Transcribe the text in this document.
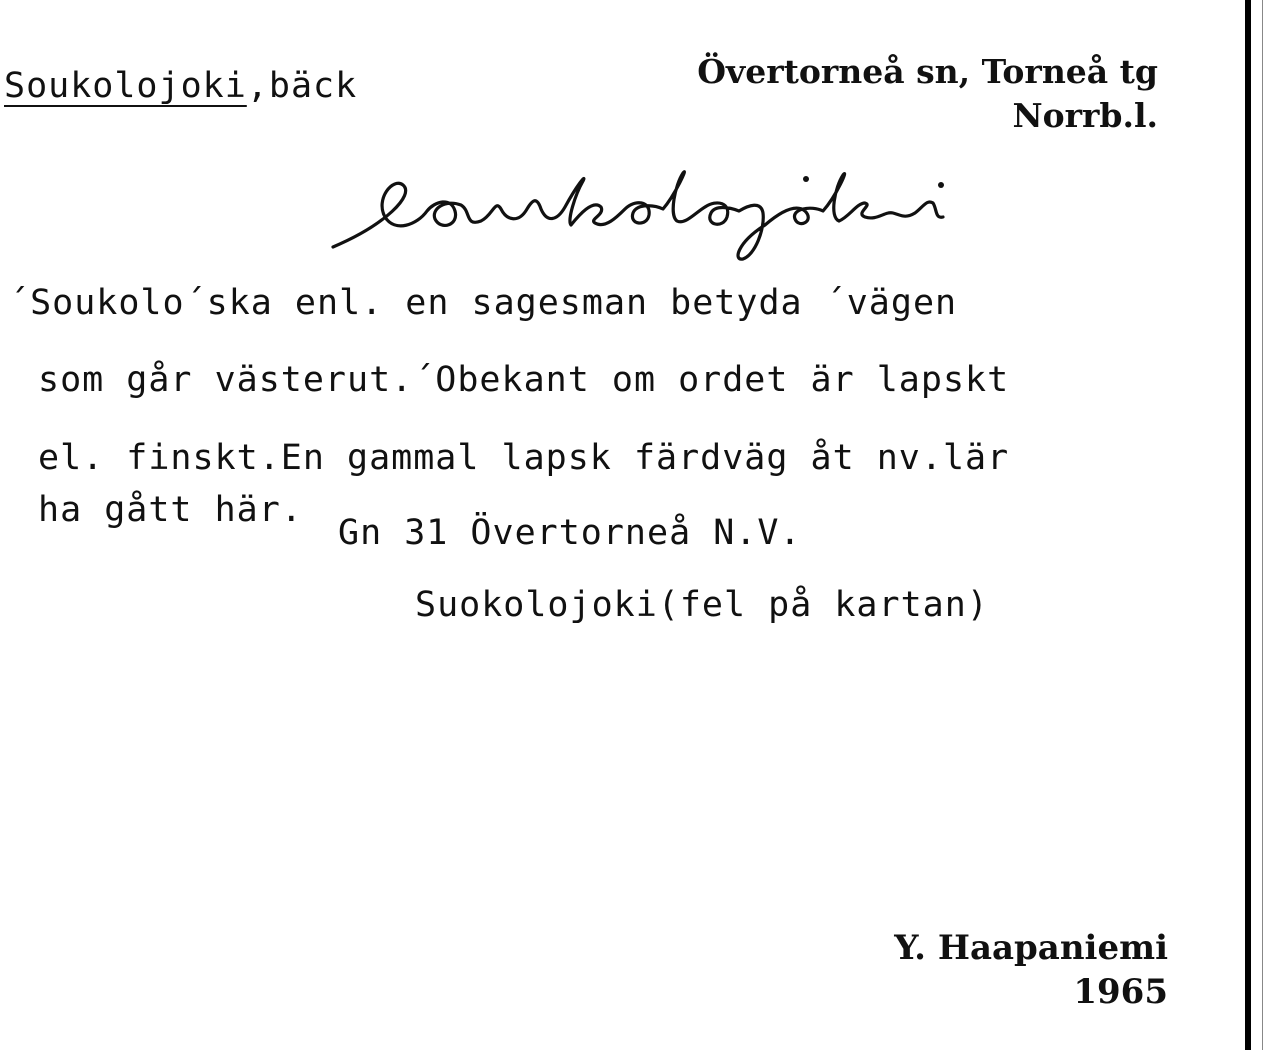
Soukolojoki,bäck	Övertorneå sn, Torneå tg
Norrb.l.
´Soukolo´ska enl. en sagesman betyda ´vägen
som går västerut.´Obekant om ordet är lapskt
el. finskt.En gammal lapsk färdväg åt nv.lär
ha gått här.
Gn 31 Övertorneå N.V.
Suokolojoki(fel på kartan)
Y. Haapaniemi
1965
